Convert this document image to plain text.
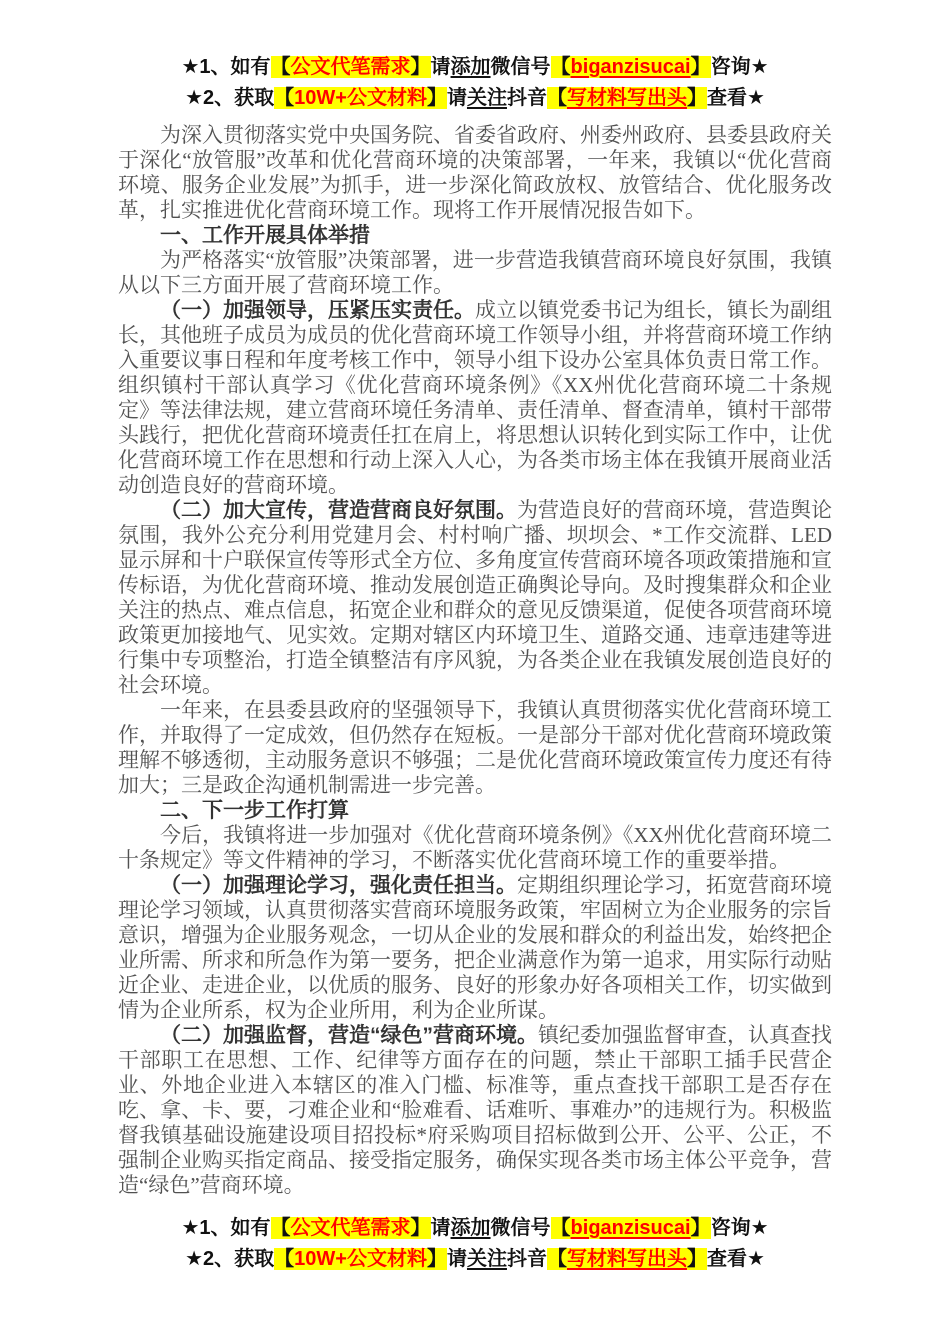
★1、如有【公文代笔需求】请添加微信号【biganzisucai】咨询★
★2、获取【10W+公文材料】请关注抖音【写材料写出头】查看★

为深入贯彻落实党中央国务院、省委省政府、州委州政府、县委县政府关于深化“放管服”改革和优化营商环境的决策部署，一年来，我镇以“优化营商环境、服务企业发展”为抓手，进一步深化简政放权、放管结合、优化服务改革，扎实推进优化营商环境工作。现将工作开展情况报告如下。

一、工作开展具体举措

为严格落实“放管服”决策部署，进一步营造我镇营商环境良好氛围，我镇从以下三方面开展了营商环境工作。

（一）加强领导，压紧压实责任。成立以镇党委书记为组长，镇长为副组长，其他班子成员为成员的优化营商环境工作领导小组，并将营商环境工作纳入重要议事日程和年度考核工作中，领导小组下设办公室具体负责日常工作。组织镇村干部认真学习《优化营商环境条例》《XX州优化营商环境二十条规定》等法律法规，建立营商环境任务清单、责任清单、督查清单，镇村干部带头践行，把优化营商环境责任扛在肩上，将思想认识转化到实际工作中，让优化营商环境工作在思想和行动上深入人心，为各类市场主体在我镇开展商业活动创造良好的营商环境。

（二）加大宣传，营造营商良好氛围。为营造良好的营商环境，营造舆论氛围，我外公充分利用党建月会、村村响广播、坝坝会、*工作交流群、LED显示屏和十户联保宣传等形式全方位、多角度宣传营商环境各项政策措施和宣传标语，为优化营商环境、推动发展创造正确舆论导向。及时搜集群众和企业关注的热点、难点信息，拓宽企业和群众的意见反馈渠道，促使各项营商环境政策更加接地气、见实效。定期对辖区内环境卫生、道路交通、违章违建等进行集中专项整治，打造全镇整洁有序风貌，为各类企业在我镇发展创造良好的社会环境。

一年来，在县委县政府的坚强领导下，我镇认真贯彻落实优化营商环境工作，并取得了一定成效，但仍然存在短板。一是部分干部对优化营商环境政策理解不够透彻，主动服务意识不够强；二是优化营商环境政策宣传力度还有待加大；三是政企沟通机制需进一步完善。

二、下一步工作打算

今后，我镇将进一步加强对《优化营商环境条例》《XX州优化营商环境二十条规定》等文件精神的学习，不断落实优化营商环境工作的重要举措。

（一）加强理论学习，强化责任担当。定期组织理论学习，拓宽营商环境理论学习领域，认真贯彻落实营商环境服务政策，牢固树立为企业服务的宗旨意识，增强为企业服务观念，一切从企业的发展和群众的利益出发，始终把企业所需、所求和所急作为第一要务，把企业满意作为第一追求，用实际行动贴近企业、走进企业，以优质的服务、良好的形象办好各项相关工作，切实做到情为企业所系，权为企业所用，利为企业所谋。

（二）加强监督，营造“绿色”营商环境。镇纪委加强监督审查，认真查找干部职工在思想、工作、纪律等方面存在的问题，禁止干部职工插手民营企业、外地企业进入本辖区的准入门槛、标准等，重点查找干部职工是否存在吃、拿、卡、要，刁难企业和“脸难看、话难听、事难办”的违规行为。积极监督我镇基础设施建设项目招投标*府采购项目招标做到公开、公平、公正，不强制企业购买指定商品、接受指定服务，确保实现各类市场主体公平竞争，营造“绿色”营商环境。

★1、如有【公文代笔需求】请添加微信号【biganzisucai】咨询★
★2、获取【10W+公文材料】请关注抖音【写材料写出头】查看★
